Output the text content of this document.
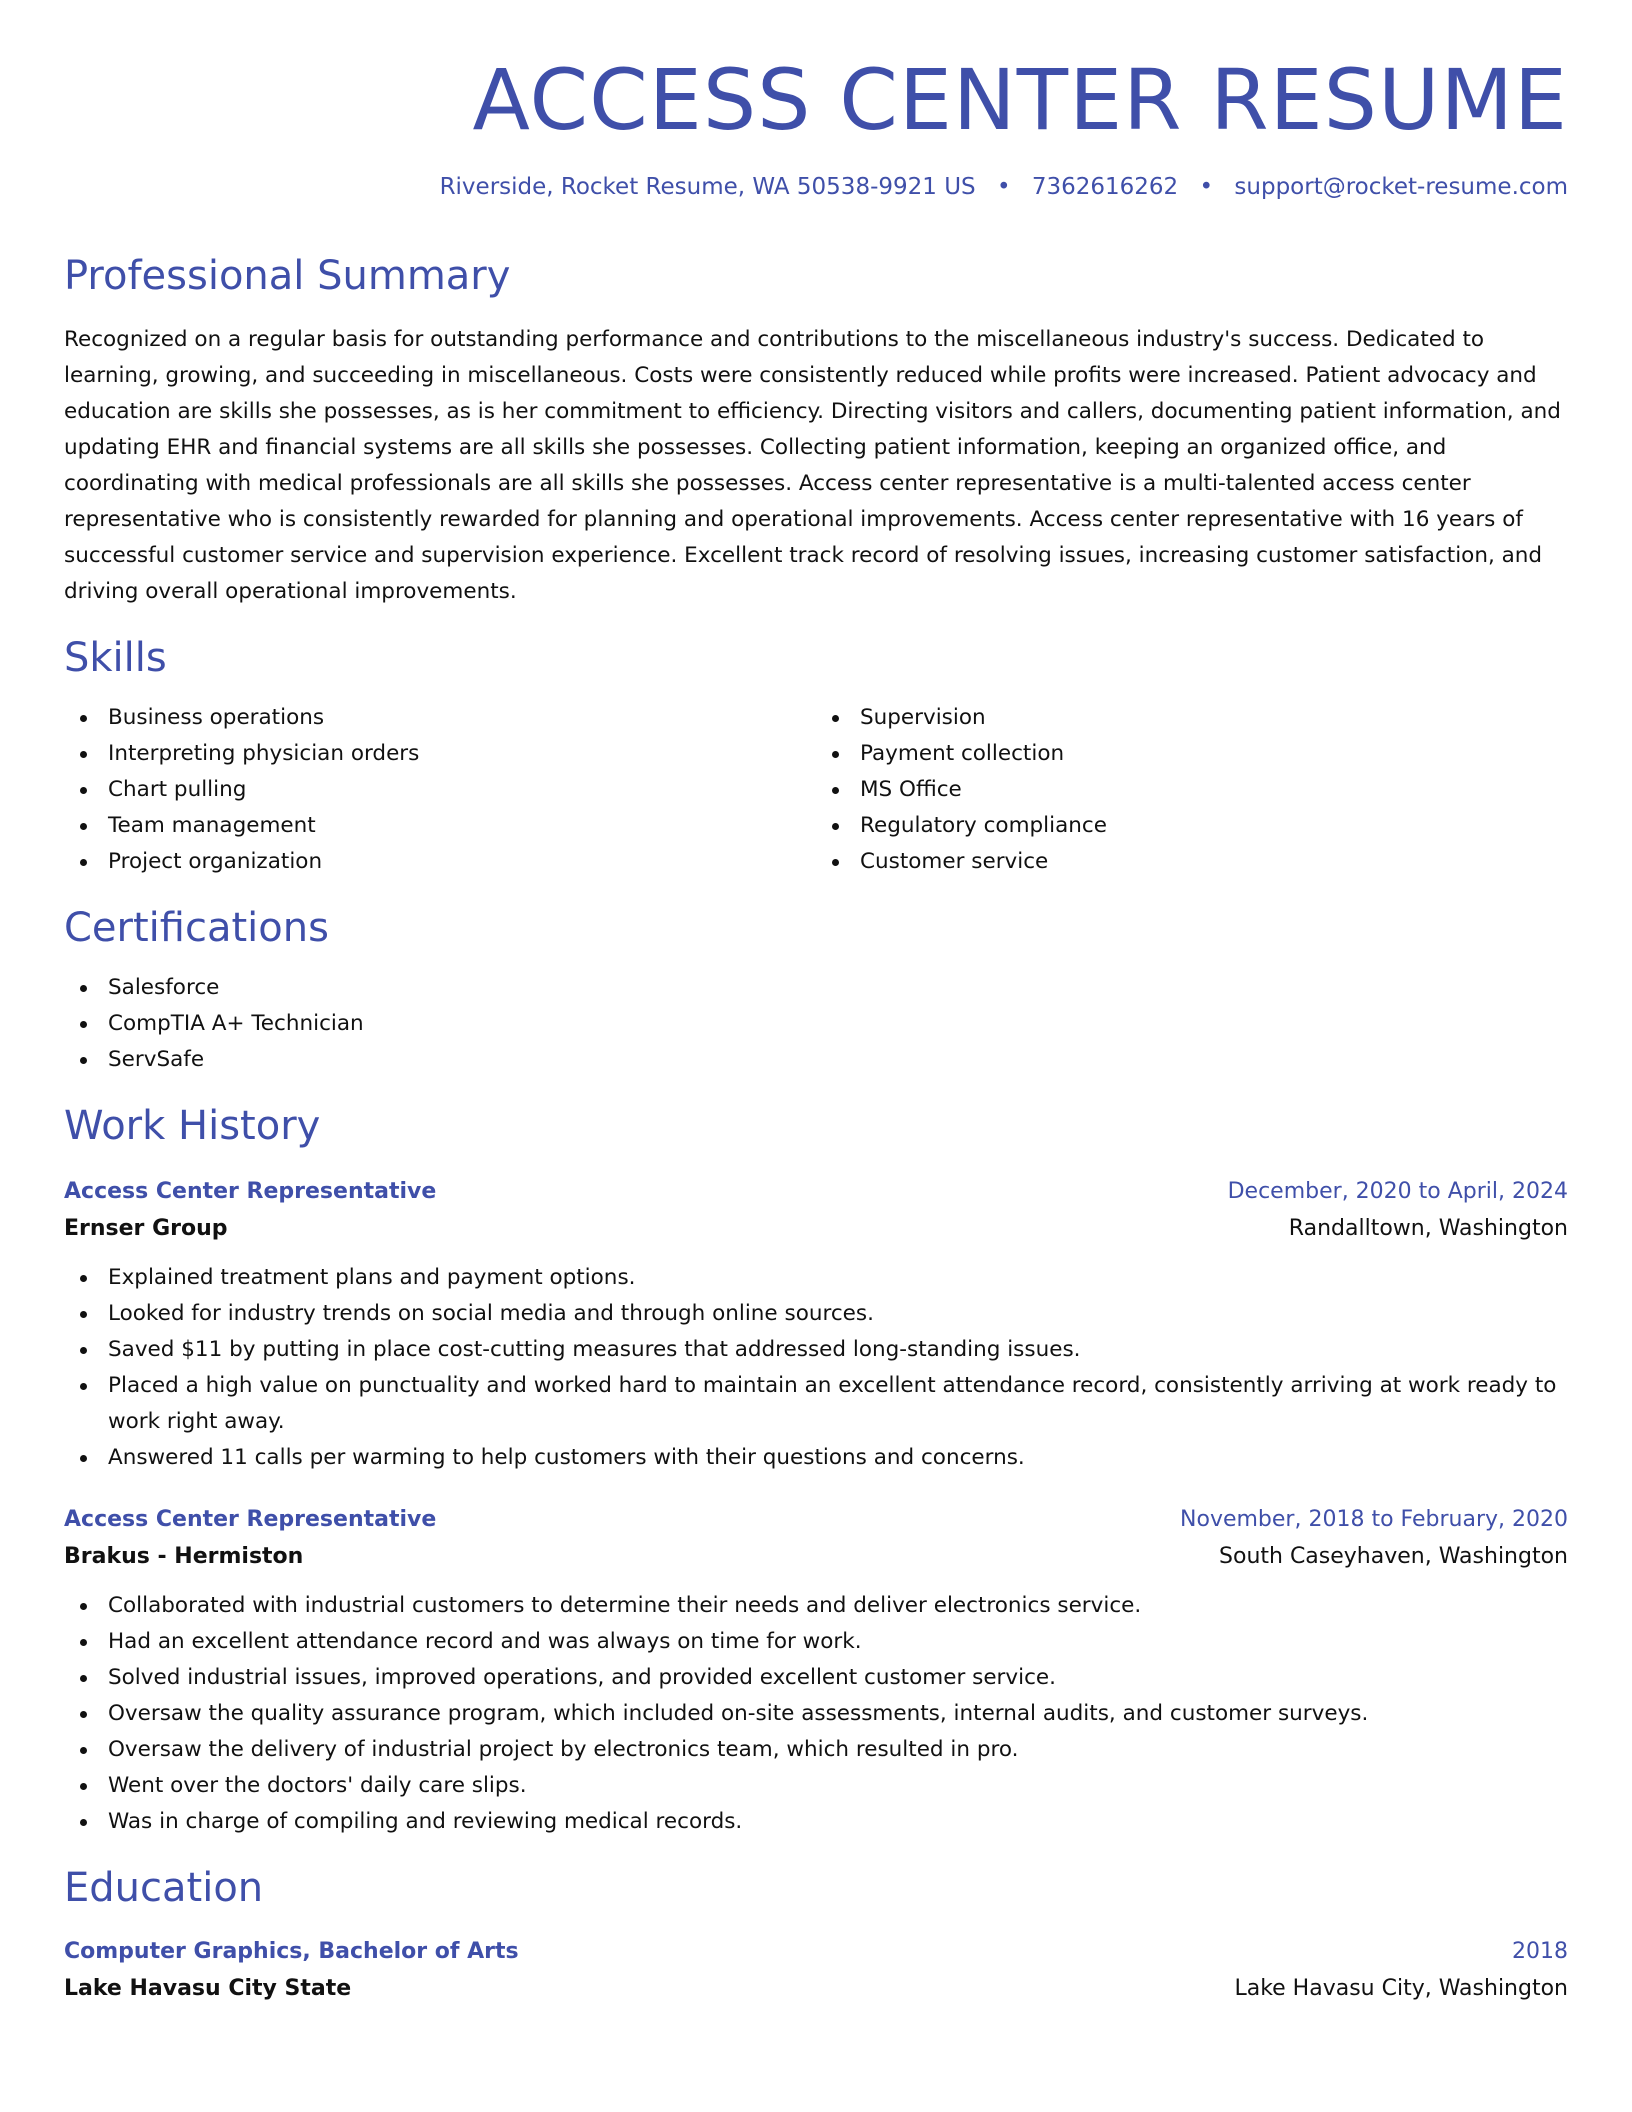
ACCESS CENTER RESUME
Riverside, Rocket Resume, WA 50538-9921 US • 7362616262 • support@rocket-resume.com
Professional Summary

Recognized on a regular basis for outstanding performance and contributions to the miscellaneous industry's success. Dedicated to learning, growing, and succeeding in miscellaneous. Costs were consistently reduced while profits were increased. Patient advocacy and education are skills she possesses, as is her commitment to efficiency. Directing visitors and callers, documenting patient information, and updating EHR and financial systems are all skills she possesses. Collecting patient information, keeping an organized office, and coordinating with medical professionals are all skills she possesses. Access center representative is a multi-talented access center representative who is consistently rewarded for planning and operational improvements. Access center representative with 16 years of successful customer service and supervision experience. Excellent track record of resolving issues, increasing customer satisfaction, and driving overall operational improvements.

Skills
Business operations
Interpreting physician orders
Chart pulling
Team management
Project organization
Supervision
Payment collection
MS Office
Regulatory compliance
Customer service
Certifications
Salesforce
CompTIA A+ Technician
ServSafe
Work History
Access Center Representative	December, 2020 to April, 2024
Ernser Group	Randalltown, Washington
Explained treatment plans and payment options.
Looked for industry trends on social media and through online sources.
Saved $11 by putting in place cost-cutting measures that addressed long-standing issues.
Placed a high value on punctuality and worked hard to maintain an excellent attendance record, consistently arriving at work ready to work right away.
Answered 11 calls per warming to help customers with their questions and concerns.
Access Center Representative	November, 2018 to February, 2020
Brakus - Hermiston	South Caseyhaven, Washington
Collaborated with industrial customers to determine their needs and deliver electronics service.
Had an excellent attendance record and was always on time for work.
Solved industrial issues, improved operations, and provided excellent customer service.
Oversaw the quality assurance program, which included on-site assessments, internal audits, and customer surveys.
Oversaw the delivery of industrial project by electronics team, which resulted in pro.
Went over the doctors' daily care slips.
Was in charge of compiling and reviewing medical records.
Education
Computer Graphics, Bachelor of Arts	2018
Lake Havasu City State	Lake Havasu City, Washington
